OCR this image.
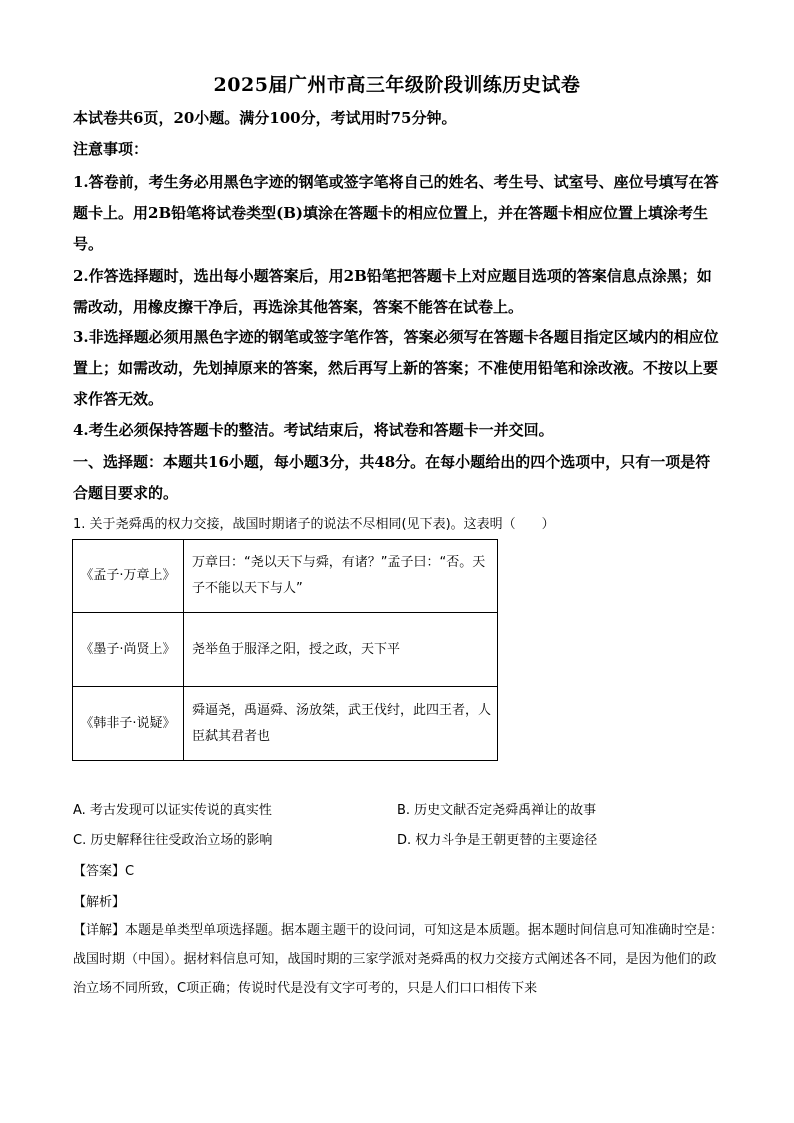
2025届广州市高三年级阶段训练历史试卷
本试卷共6页，20小题。满分100分，考试用时75分钟。
注意事项：
1.答卷前，考生务必用黑色字迹的钢笔或签字笔将自己的姓名、考生号、试室号、座位号填写在答题卡上。用2B铅笔将试卷类型(B)填涂在答题卡的相应位置上，并在答题卡相应位置上填涂考生号。
2.作答选择题时，选出每小题答案后，用2B铅笔把答题卡上对应题目选项的答案信息点涂黑；如需改动，用橡皮擦干净后，再选涂其他答案，答案不能答在试卷上。
3.非选择题必须用黑色字迹的钢笔或签字笔作答，答案必须写在答题卡各题目指定区域内的相应位置上；如需改动，先划掉原来的答案，然后再写上新的答案；不准使用铅笔和涂改液。不按以上要求作答无效。
4.考生必须保持答题卡的整洁。考试结束后，将试卷和答题卡一并交回。
一、选择题：本题共16小题，每小题3分，共48分。在每小题给出的四个选项中，只有一项是符合题目要求的。
1. 关于尧舜禹的权力交接，战国时期诸子的说法不尽相同(见下表)。这表明（　　）
《孟子·万章上》	万章曰：“尧以天下与舜，有诸？”孟子曰：“否。天子不能以天下与人”
《墨子·尚贤上》	尧举鱼于服泽之阳，授之政，天下平
《韩非子·说疑》	舜逼尧，禹逼舜、汤放桀，武王伐纣，此四王者，人臣弑其君者也
A. 考古发现可以证实传说的真实性	B. 历史文献否定尧舜禹禅让的故事
C. 历史解释往往受政治立场的影响	D. 权力斗争是王朝更替的主要途径
【答案】C
【解析】
【详解】本题是单类型单项选择题。据本题主题干的设问词，可知这是本质题。据本题时间信息可知准确时空是：战国时期（中国）。据材料信息可知，战国时期的三家学派对尧舜禹的权力交接方式阐述各不同，是因为他们的政治立场不同所致，C项正确；传说时代是没有文字可考的，只是人们口口相传下来
